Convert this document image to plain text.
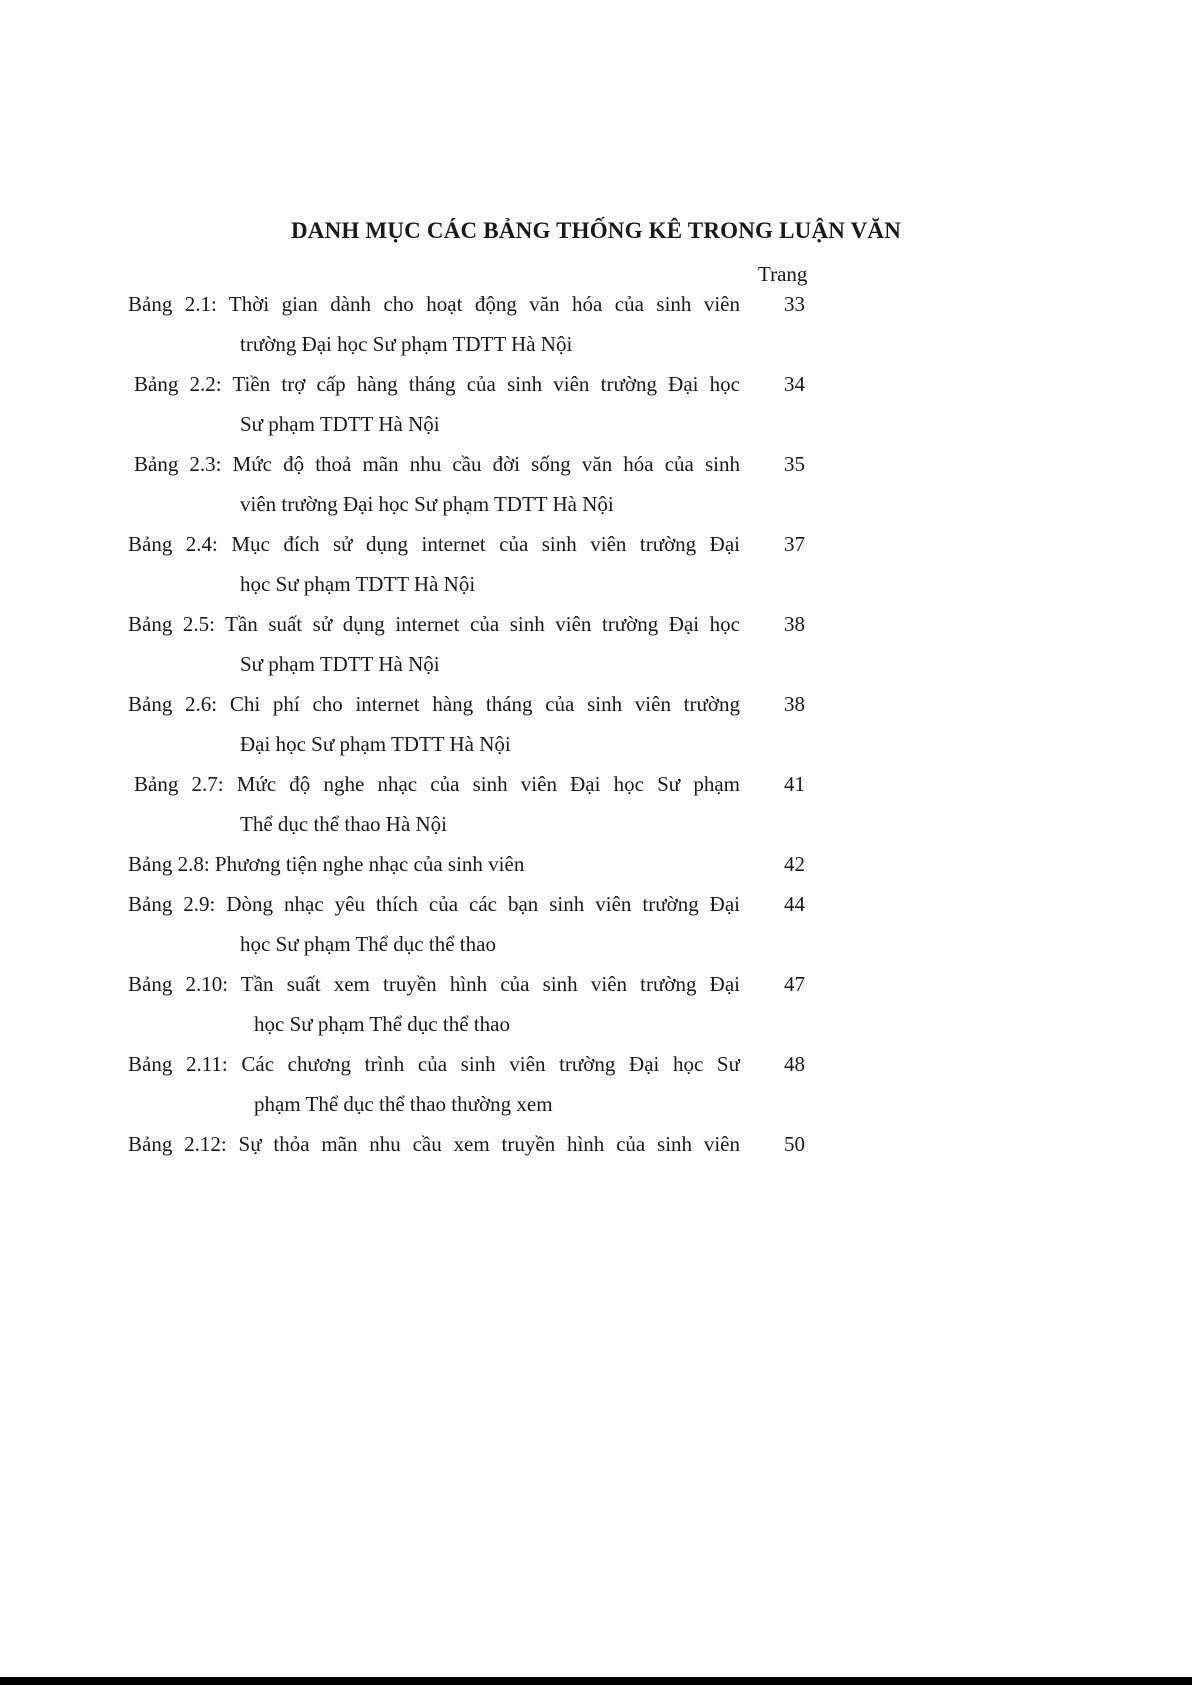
DANH MỤC CÁC BẢNG THỐNG KÊ TRONG LUẬN VĂN
Trang
Bảng 2.1: Thời gian dành cho hoạt động văn hóa của sinh viên
trường Đại học Sư phạm TDTT Hà Nội
33
Bảng 2.2: Tiền trợ cấp hàng tháng của sinh viên trường Đại học
Sư phạm TDTT Hà Nội
34
Bảng 2.3: Mức độ thoả mãn nhu cầu đời sống văn hóa của sinh
viên trường Đại học Sư phạm TDTT Hà Nội
35
Bảng 2.4: Mục đích sử dụng internet của sinh viên trường Đại
học Sư phạm TDTT Hà Nội
37
Bảng 2.5: Tần suất sử dụng internet của sinh viên trường Đại học
Sư phạm TDTT Hà Nội
38
Bảng 2.6: Chi phí cho internet hàng tháng của sinh viên trường
Đại học Sư phạm TDTT Hà Nội
38
Bảng 2.7: Mức độ nghe nhạc của sinh viên Đại học Sư phạm
Thể dục thể thao Hà Nội
41
Bảng 2.8: Phương tiện nghe nhạc của sinh viên	42
Bảng 2.9: Dòng nhạc yêu thích của các bạn sinh viên trường Đại
học Sư phạm Thể dục thể thao
44
Bảng 2.10: Tần suất xem truyền hình của sinh viên trường Đại
học Sư phạm Thể dục thể thao
47
Bảng 2.11: Các chương trình của sinh viên trường Đại học Sư
phạm Thể dục thể thao thường xem
48
Bảng 2.12: Sự thỏa mãn nhu cầu xem truyền hình của sinh viên 50
